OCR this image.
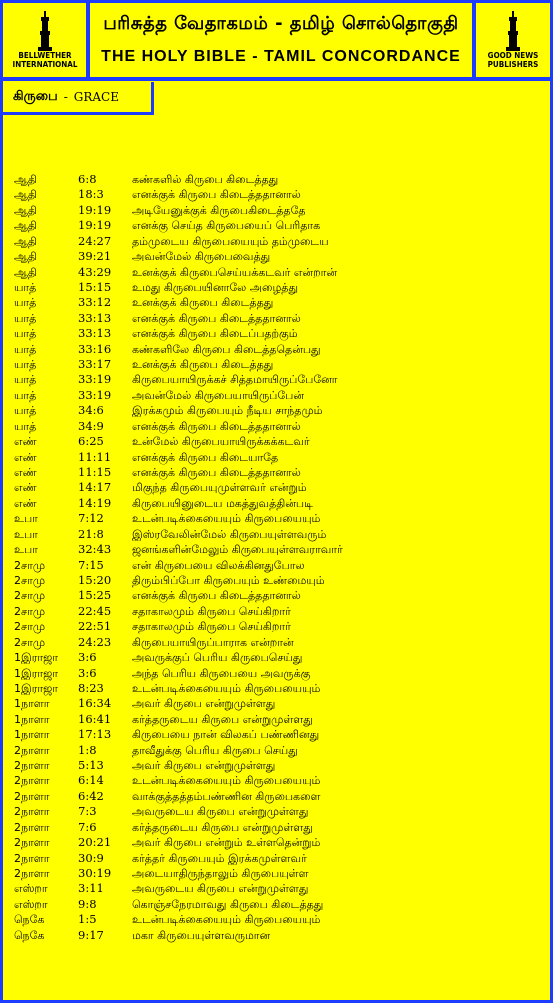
BELLWETHER
INTERNATIONAL
பரிசுத்த வேதாகமம் - தமிழ் சொல்தொகுதி
THE HOLY BIBLE - TAMIL CONCORDANCE	GOOD NEWS
PUBLISHERS
கிருபை - GRACE
ஆதி	6:8	கண்களில் கிருபை கிடைத்தது
ஆதி	18:3	எனக்குக் கிருபை கிடைத்ததானால்
ஆதி	19:19 அடியேனுக்குக் கிருபைகிடைத்ததே
ஆதி	19:19 எனக்கு செய்த கிருபையைப் பெரிதாக
ஆதி	24:27 தம்முடைய கிருபையையும் தம்முடைய
ஆதி	39:21 அவன்மேல் கிருபைவைத்து
ஆதி	43:29 உனக்குக் கிருபைசெய்யக்கடவர் என்றான்
யாத்	15:15 உமது கிருபையினாலே அழைத்து
யாத்	33:12 உனக்குக் கிருபை கிடைத்தது
யாத்	33:13 எனக்குக் கிருபை கிடைத்ததானால்
யாத்	33:13 எனக்குக் கிருபை கிடைப்பதற்கும்
யாத்	33:16 கண்களிலே கிருபை கிடைத்ததென்பது
யாத்	33:17 உனக்குக் கிருபை கிடைத்தது
யாத்	33:19 கிருபையாயிருக்கச் சித்தமாயிருப்பேனோ
யாத்	33:19 அவன்மேல் கிருபையாயிருப்பேன்
யாத்	34:6	இரக்கமும் கிருபையும் நீடிய சாந்தமும்
யாத்	34:9	எனக்குக் கிருபை கிடைத்ததானால்
எண்	6:25	உன்மேல் கிருபையாயிருக்கக்கடவர்
எண்	11:11 எனக்குக் கிருபை கிடையாதே
எண்	11:15 எனக்குக் கிருபை கிடைத்ததானால்
எண்	14:17 மிகுந்த கிருபையுமுள்ளவர் என்றும்
எண்	14:19 கிருபையினுடைய மகத்துவத்தின்படி
உபா	7:12	உடன்படிக்கையையும் கிருபையையும்
உபா	21:8	இஸ்ரவேலின்மேல் கிருபையுள்ளவரும்
உபா	32:43 ஜனங்களின்மேலும் கிருபையுள்ளவராவார்
2சாமு	7:15	என் கிருபையை விலக்கினதுபோல
2சாமு	15:20 திரும்பிப்போ கிருபையும் உண்மையும்
2சாமு	15:25 எனக்குக் கிருபை கிடைத்ததானால்
2சாமு	22:45 சதாகாலமும் கிருபை செய்கிறார்
2சாமு	22:51 சதாகாலமும் கிருபை செய்கிறார்
2சாமு	24:23 கிருபையாயிருப்பாராக என்றான்
1இராஜா 3:6	அவருக்குப் பெரிய கிருபைசெய்து
1இராஜா 3:6	அந்த பெரிய கிருபையை அவருக்கு
1இராஜா 8:23	உடன்படிக்கையையும் கிருபையையும்
1நாளா 16:34 அவர் கிருபை என்றுமுள்ளது
1நாளா 16:41 கர்த்தருடைய கிருபை என்றுமுள்ளது
1நாளா 17:13 கிருபையை நான் விலகப் பண்ணினது
2நாளா 1:8	தாவீதுக்கு பெரிய கிருபை செய்து
2நாளா 5:13	அவர் கிருபை என்றுமுள்ளது
2நாளா 6:14	உடன்படிக்கையையும் கிருபையையும்
2நாளா 6:42	வாக்குத்தத்தம்பண்ணின கிருபைகளை
2நாளா 7:3	அவருடைய கிருபை என்றுமுள்ளது
2நாளா 7:6	கர்த்தருடைய கிருபை என்றுமுள்ளது
2நாளா 20:21 அவர் கிருபை என்றும் உள்ளதென்றும்
2நாளா 30:9	கர்த்தர் கிருபையும் இரக்கமுள்ளவர்
2நாளா 30:19 அடையாதிருந்தாலும் கிருபையுள்ள
எஸ்றா	3:11	அவருடைய கிருபை என்றுமுள்ளது
எஸ்றா	9:8	கொஞ்சநேரமாவது கிருபை கிடைத்தது
நெகே	1:5	உடன்படிக்கையையும் கிருபையையும்
நெகே	9:17	மகா கிருபையுள்ளவருமான
